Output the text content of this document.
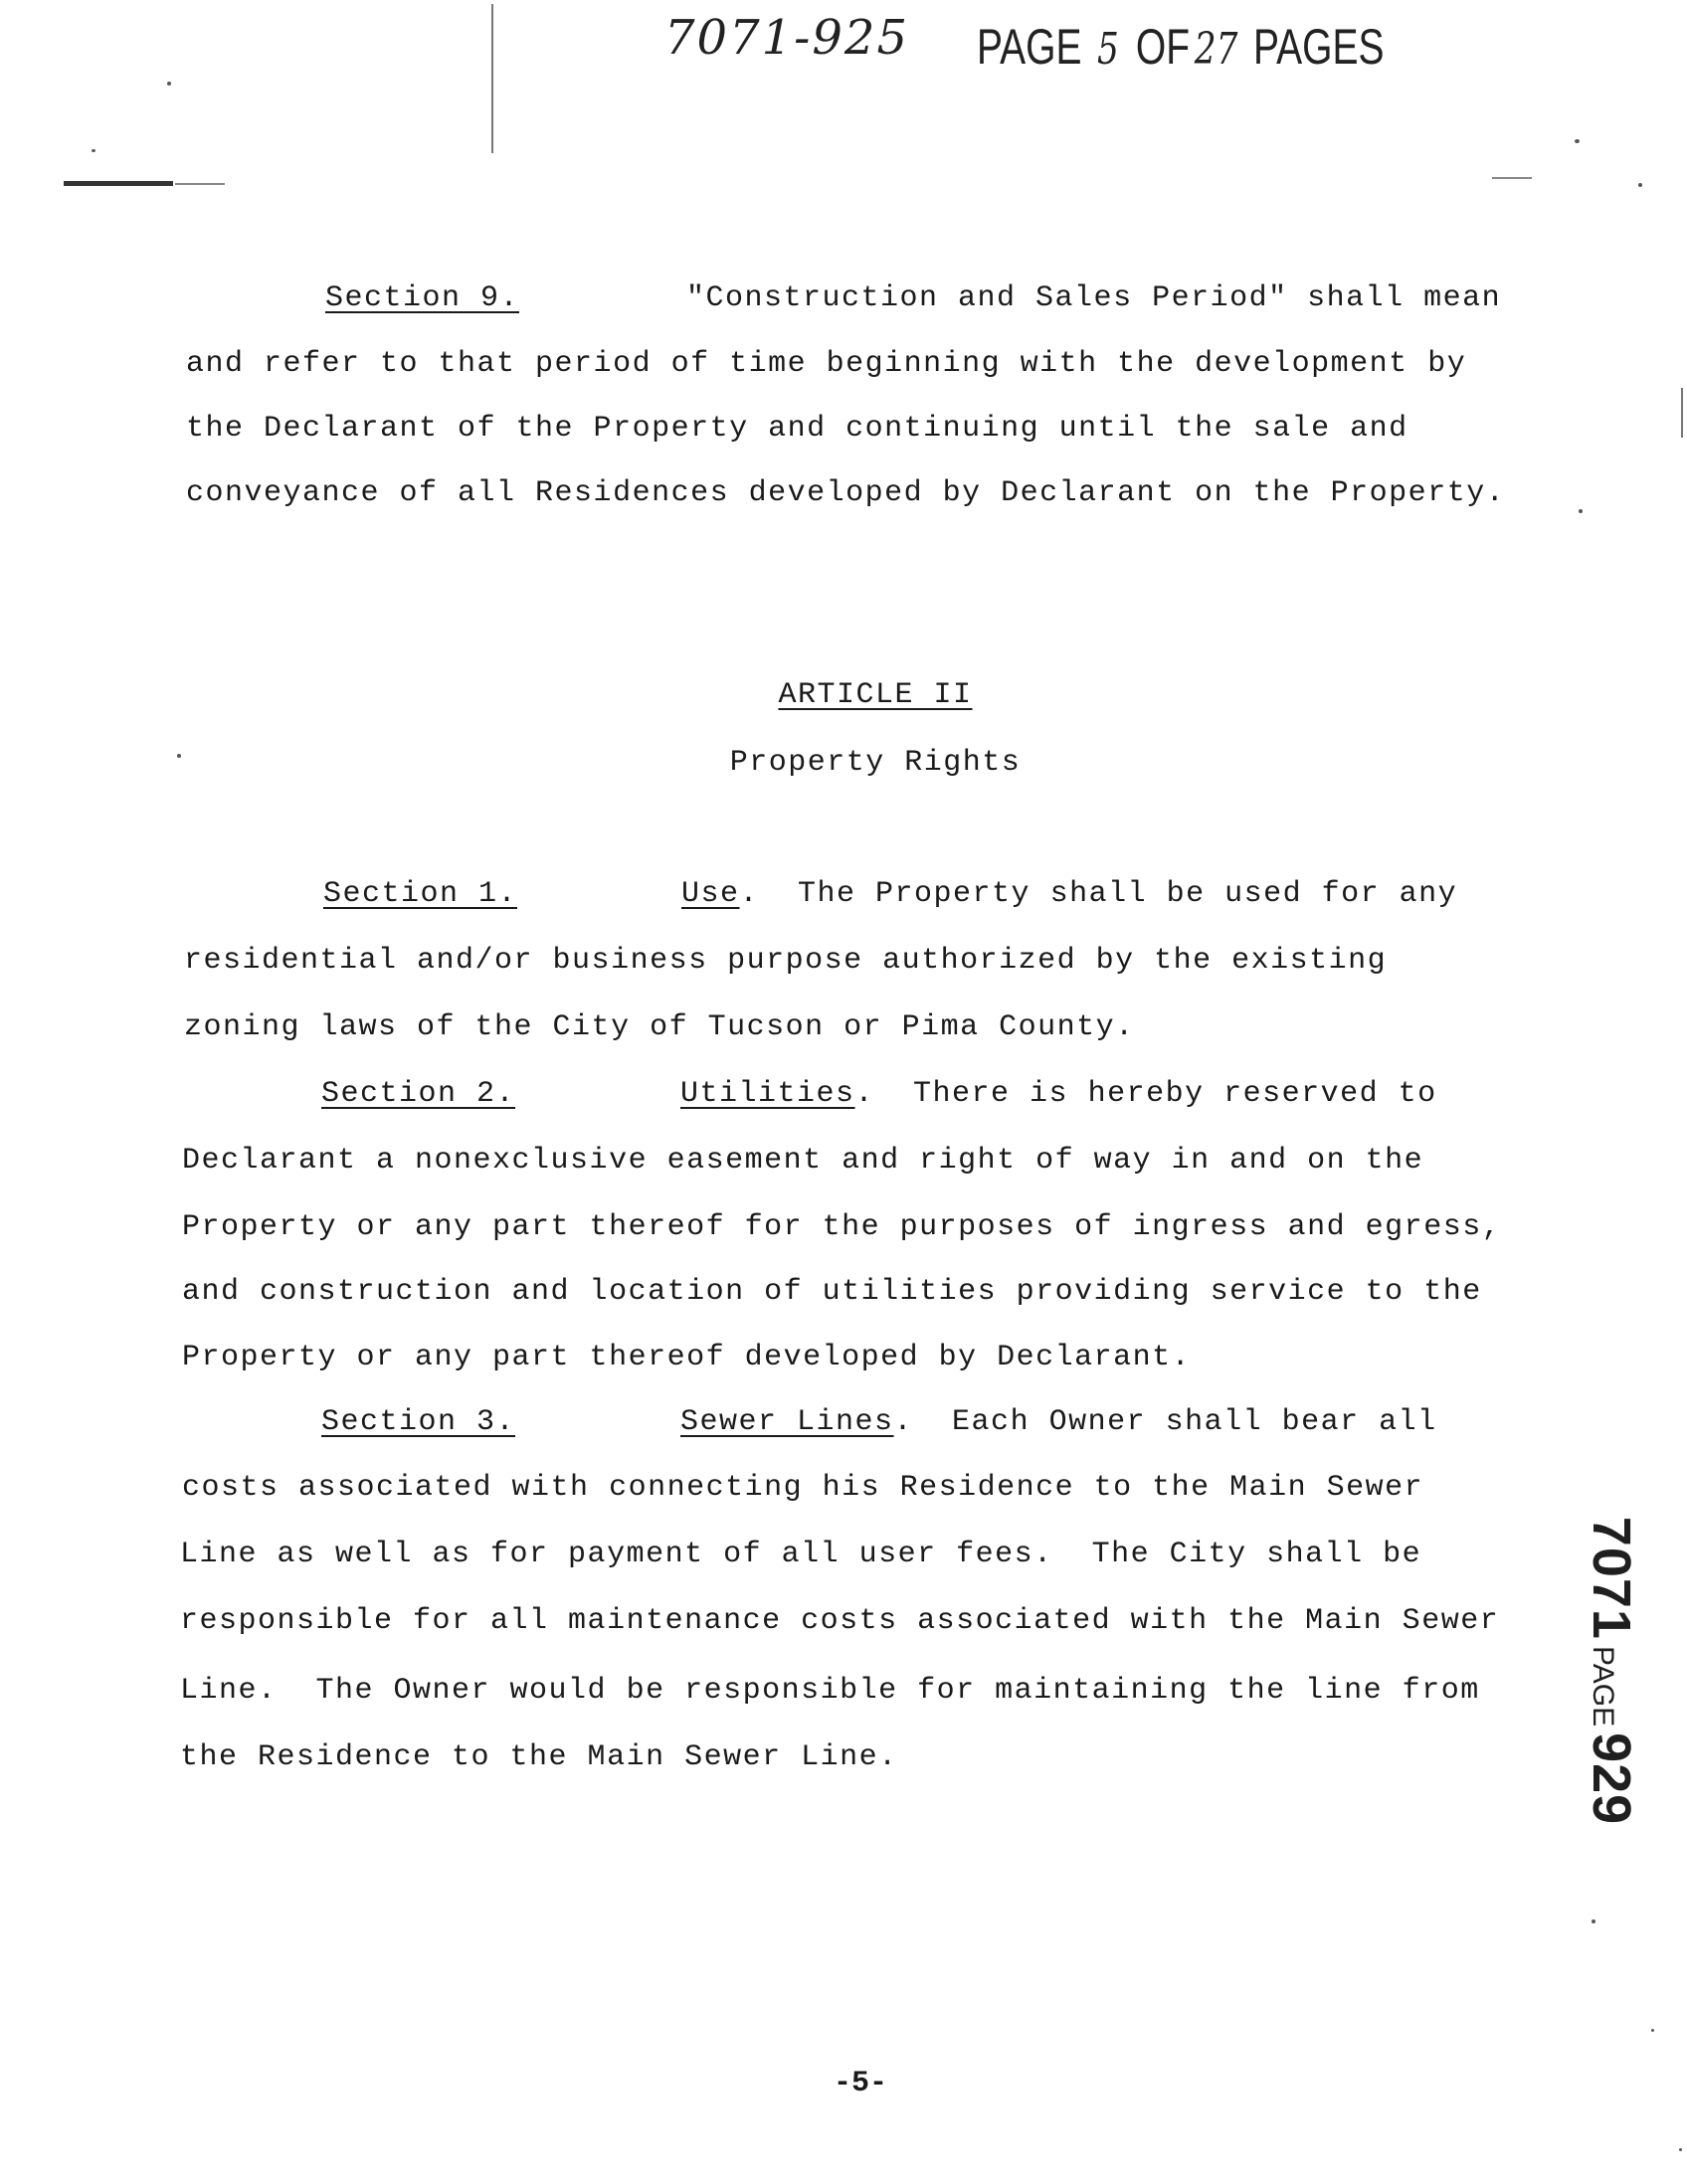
7071-925 PAGE 5 OF 27 PAGES
Section 9.	"Construction and Sales Period" shall mean
and refer to that period of time beginning with the development by
the Declarant of the Property and continuing until the sale and
conveyance of all Residences developed by Declarant on the Property.
ARTICLE II
Property Rights
Section 1.	Use.  The Property shall be used for any
residential and/or business purpose authorized by the existing
zoning laws of the City of Tucson or Pima County.
Section 2.	Utilities.  There is hereby reserved to
Declarant a nonexclusive easement and right of way in and on the
Property or any part thereof for the purposes of ingress and egress,
and construction and location of utilities providing service to the
Property or any part thereof developed by Declarant.
Section 3.	Sewer Lines.  Each Owner shall bear all
costs associated with connecting his Residence to the Main Sewer
Line as well as for payment of all user fees.  The City shall be
responsible for all maintenance costs associated with the Main Sewer
Line.  The Owner would be responsible for maintaining the line from
the Residence to the Main Sewer Line.
7071PAGE929
-5-
